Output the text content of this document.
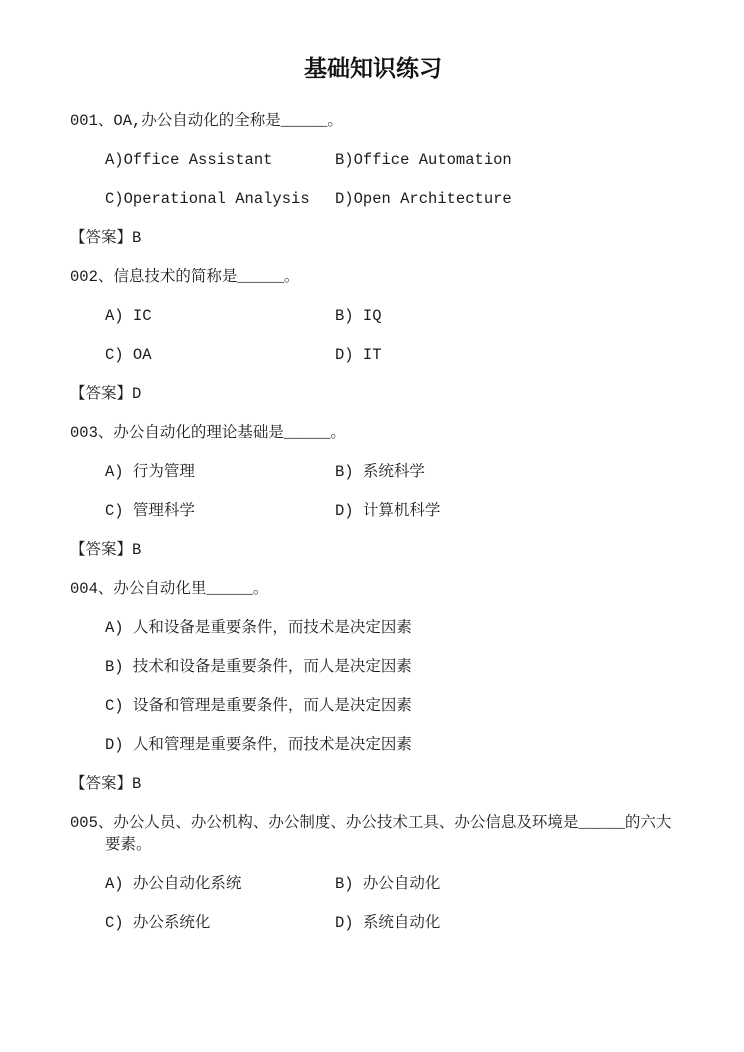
基础知识练习

001、OA,办公自动化的全称是_____。

A)Office Assistant	B)Office Automation

C)Operational Analysis	D)Open Architecture

【答案】B

002、信息技术的简称是_____。

A) IC	B) IQ

C) OA	D) IT

【答案】D

003、办公自动化的理论基础是_____。

A) 行为管理	B) 系统科学

C) 管理科学	D) 计算机科学

【答案】B

004、办公自动化里_____。

A) 人和设备是重要条件，而技术是决定因素

B) 技术和设备是重要条件，而人是决定因素

C) 设备和管理是重要条件，而人是决定因素

D) 人和管理是重要条件，而技术是决定因素

【答案】B

005、办公人员、办公机构、办公制度、办公技术工具、办公信息及环境是_____的六大要素。

A) 办公自动化系统	B) 办公自动化

C) 办公系统化	D) 系统自动化
